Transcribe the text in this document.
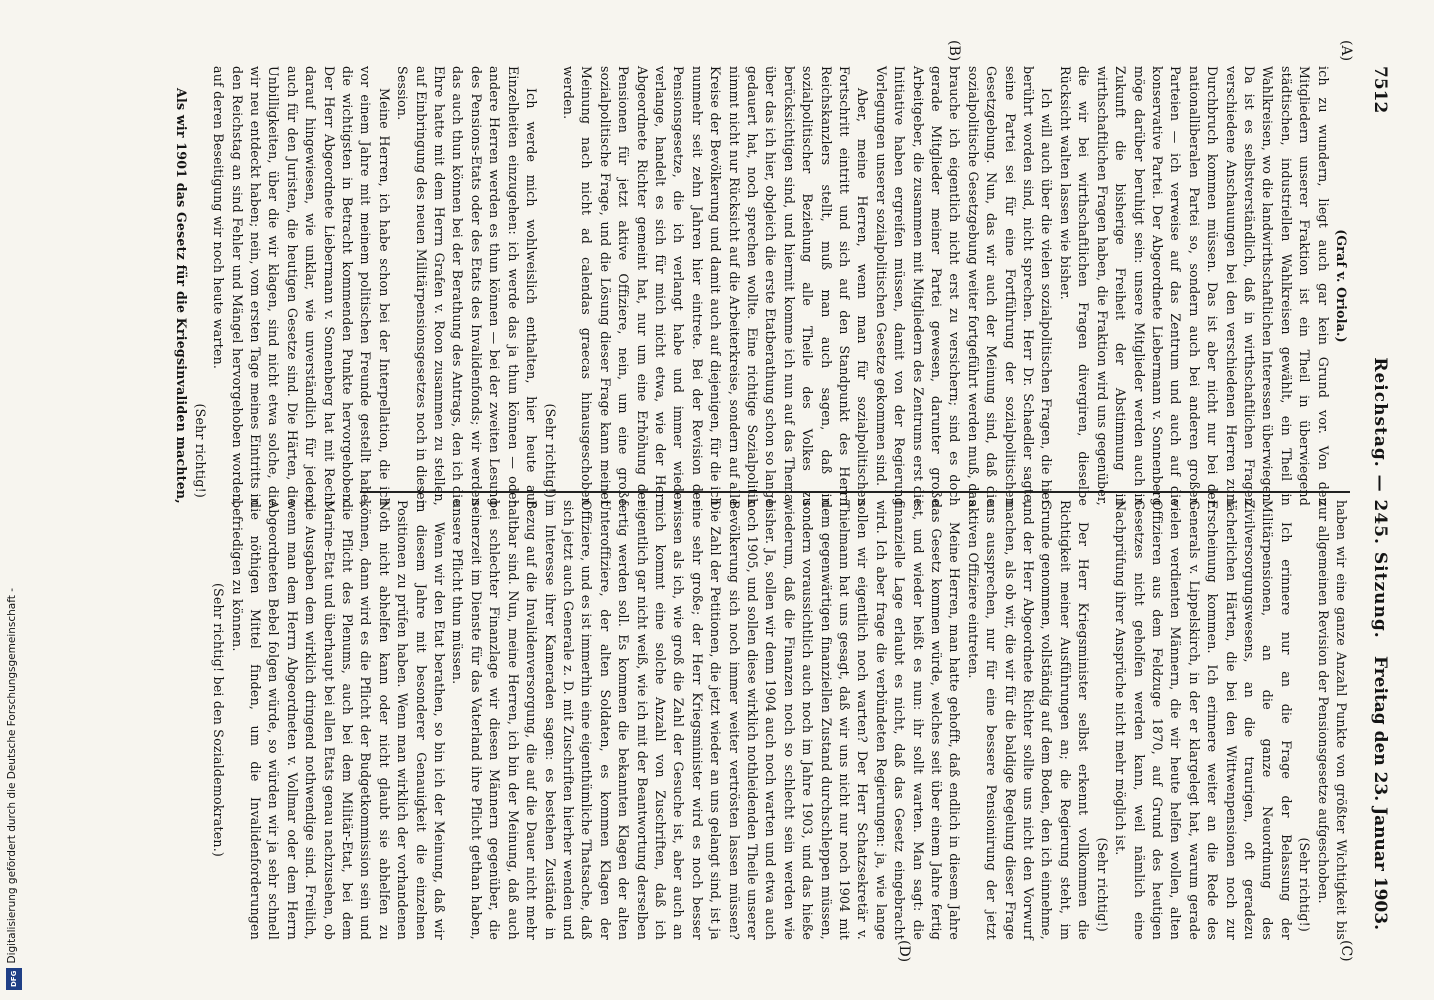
7512
Reichstag. — 245. Sitzung.
Freitag den 23. Januar 1903.
(A)
(B)
(C)
(D)

(Graf v. Oriola.)

ich zu wundern, liegt auch gar kein Grund vor. Von den Mitgliedern unserer Fraktion ist ein Theil in überwiegend städtischen, industriellen Wahlkreisen gewählt, ein Theil in Wahlkreisen, wo die landwirthschaftlichen Interessen überwiegen. Da ist es selbstverständlich, daß in wirthschaftlichen Fragen verschiedene Anschauungen bei den verschiedenen Herren zum Durchbruch kommen müssen. Das ist aber nicht nur bei der nationalliberalen Partei so, sondern auch bei anderen großen Parteien — ich verweise auf das Zentrum und auch auf die konservative Partei. Der Abgeordnete Liebermann v. Sonnenberg möge darüber beruhigt sein: unsere Mitglieder werden auch in Zukunft die bisherige Freiheit der Abstimmung in wirthschaftlichen Fragen haben, die Fraktion wird uns gegenüber, die wir bei wirthschaftlichen Fragen divergiren, dieselbe Rücksicht walten lassen wie bisher.

Ich will auch über die vielen sozialpolitischen Fragen, die hier berührt worden sind, nicht sprechen. Herr Dr. Schaedler sagte, seine Partei sei für eine Fortführung der sozialpolitischen Gesetzgebung. Nun, das wir auch der Meinung sind, daß die sozialpolitische Gesetzgebung weiter fortgeführt werden muß, das brauche ich eigentlich nicht erst zu versichern; sind es doch gerade Mitglieder meiner Partei gewesen, darunter große Arbeitgeber, die zusammen mit Mitgliedern des Zentrums erst die Initiative haben ergreifen müssen, damit von der Regierung Vorlegungen unserer sozialpolitischen Gesetze gekommen sind.

Aber, meine Herren, wenn man für sozialpolitischen Fortschritt eintritt und sich auf den Standpunkt des Herrn Reichskanzlers stellt, muß man auch sagen, daß in sozialpolitischer Beziehung alle Theile des Volkes zu berücksichtigen sind, und hiermit komme ich nun auf das Thema, über das ich hier, obgleich die erste Etatberathung schon so lange gedauert hat, noch sprechen wollte. Eine richtige Sozialpolitik nimmt nicht nur Rücksicht auf die Arbeiterkreise, sondern auf alle Kreise der Bevölkerung und damit auch auf diejenigen, für die ich nunmehr seit zehn Jahren hier eintrete. Bei der Revision der Pensionsgesetze, die ich verlangt habe und immer wieder verlange, handelt es sich für mich nicht etwa, wie der Herr Abgeordnete Richter gemeint hat, nur um eine Erhöhung der Pensionen für jetzt aktive Offiziere, nein, um eine große sozialpolitische Frage, und die Lösung dieser Frage kann meiner Meinung nach nicht ad calendas graecas hinausgeschoben werden.

(Sehr richtig!)

Ich werde mich wohlweislich enthalten, hier heute auf Einzelheiten einzugehen: ich werde das ja thun können — oder andere Herren werden es thun können — bei der zweiten Lesung des Pensions-Etats oder des Etats des Invalidenfonds; wir werden das auch thun können bei der Berathung des Antrags, den ich die Ehre hatte mit dem Herrn Grafen v. Roon zusammen zu stellen, auf Einbringung des neuen Militärpensionsgesetzes noch in dieser Session.

Meine Herren, ich habe schon bei der Interpellation, die ich vor einem Jahre mit meinem politischen Freunde gestellt habe, die wichtigsten in Betracht kommenden Punkte hervorgehoben. Der Herr Abgeordnete Liebermann v. Sonnenberg hat mit Recht darauf hingewiesen, wie unklar, wie unverständlich für jeden, auch für den Juristen, die heutigen Gesetze sind. Die Härten, die Unbilligkeiten, über die wir klagen, sind nicht etwa solche, die wir neu entdeckt haben; nein, vom ersten Tage meines Eintritts in den Reichstag an sind Fehler und Mängel hervorgehoben worden, auf deren Beseitigung wir noch heute warten.

(Sehr richtig!)

Als wir 1901 das Gesetz für die Kriegsinvaliden machten,

haben wir eine ganze Anzahl Punkte von größter Wichtigkeit bis zur allgemeinen Revision der Pensionsgesetze aufgeschoben.

(Sehr richtig!)

Ich erinnere nur an die Frage der Belassung der Militärpensionen, an die ganze Neuordnung des Zivilversorgungswesens, an die traurigen, oft geradezu lächerlichen Härten, die bei den Wittwenpensionen noch zur Erscheinung kommen. Ich erinnere weiter an die Rede des Generals v. Lippelskirch, in der er klargelegt hat, warum gerade vielen verdienten Männern, die wir heute helfen wollen, alten Offizieren aus dem Feldzuge 1870, auf Grund des heutigen Gesetzes nicht geholfen werden kann, weil nämlich eine Nachprüfung ihrer Ansprüche nicht mehr möglich ist.

(Sehr richtig!)

Der Herr Kriegsminister selbst erkennt vollkommen die Richtigkeit meiner Ausführungen an; die Regierung steht, im Grunde genommen, vollständig auf dem Boden, den ich einnehme, und der Herr Abgeordnete Richter sollte uns nicht den Vorwurf machen, als ob wir, die wir für die baldige Regelung dieser Frage uns aussprechen, nur für eine bessere Pensionirung der jetzt aktiven Offiziere eintreten.

Meine Herren, man hatte gehofft, daß endlich in diesem Jahre das Gesetz kommen würde, welches seit über einem Jahre fertig ist, und wieder heißt es nun: ihr sollt warten. Man sagt: die finanzielle Lage erlaubt es nicht, daß das Gesetz eingebracht wird. Ich aber frage die verbündeten Regierungen: ja, wie lange sollen wir eigentlich noch warten? Der Herr Schatzsekretär v. Thielmann hat uns gesagt, daß wir uns nicht nur noch 1904 mit dem gegenwärtigen finanziellen Zustand durchschleppen müssen, sondern voraussichtlich auch noch im Jahre 1903, und das hieße wiederum, daß die Finanzen noch so schlecht sein werden wie bisher. Ja, sollen wir denn 1904 auch noch warten und etwa auch noch 1905, und sollen diese wirklich nothleidenden Theile unserer Bevölkerung sich noch immer weiter vertrösten lassen müssen? Die Zahl der Petitionen, die jetzt wieder an uns gelangt sind, ist ja eine sehr große; der Herr Kriegsminister wird es noch besser wissen als ich, wie groß die Zahl der Gesuche ist, aber auch an mich kommt eine solche Anzahl von Zuschriften, daß ich eigentlich gar nicht weiß, wie ich mit der Beantwortung derselben fertig werden soll. Es kommen die bekannten Klagen der alten Unteroffiziere, der alten Soldaten, es kommen Klagen der Offiziere, und es ist immerhin eine eigenthümliche Thatsache, daß sich jetzt auch Generale z. D. mit Zuschriften hierher wenden und im Interesse ihrer Kameraden sagen: es bestehen Zustände in Bezug auf die Invalidenversorgung, die auf die Dauer nicht mehr haltbar sind. Nun, meine Herren, ich bin der Meinung, daß auch bei schlechter Finanzlage wir diesen Männern gegenüber, die seinerzeit im Dienste für das Vaterland ihre Pflicht gethan haben, unsere Pflicht thun müssen.

Wenn wir den Etat berathen, so bin ich der Meinung, daß wir in diesem Jahre mit besonderer Genauigkeit die einzelnen Positionen zu prüfen haben. Wenn man wirklich der vorhandenen Noth nicht abhelfen kann oder nicht glaubt sie abhelfen zu können, dann wird es die Pflicht der Budgetkommission sein und die Pflicht des Plenums, auch bei dem Militär-Etat, bei dem Marine-Etat und überhaupt bei allen Etats genau nachzusehen, ob die Ausgaben dem wirklich dringend nothwendige sind. Freilich, wenn man dem Herrn Abgeordneten v. Vollmar oder dem Herrn Abgeordneten Bebel folgen würde, so würden wir ja sehr schnell die nöthigen Mittel finden, um die Invalidenforderungen befriedigen zu können.

(Sehr richtig! bei den Sozialdemokraten.)

Digitalisierung gefördert durch die Deutsche Forschungsgemeinschaft -
DFG
